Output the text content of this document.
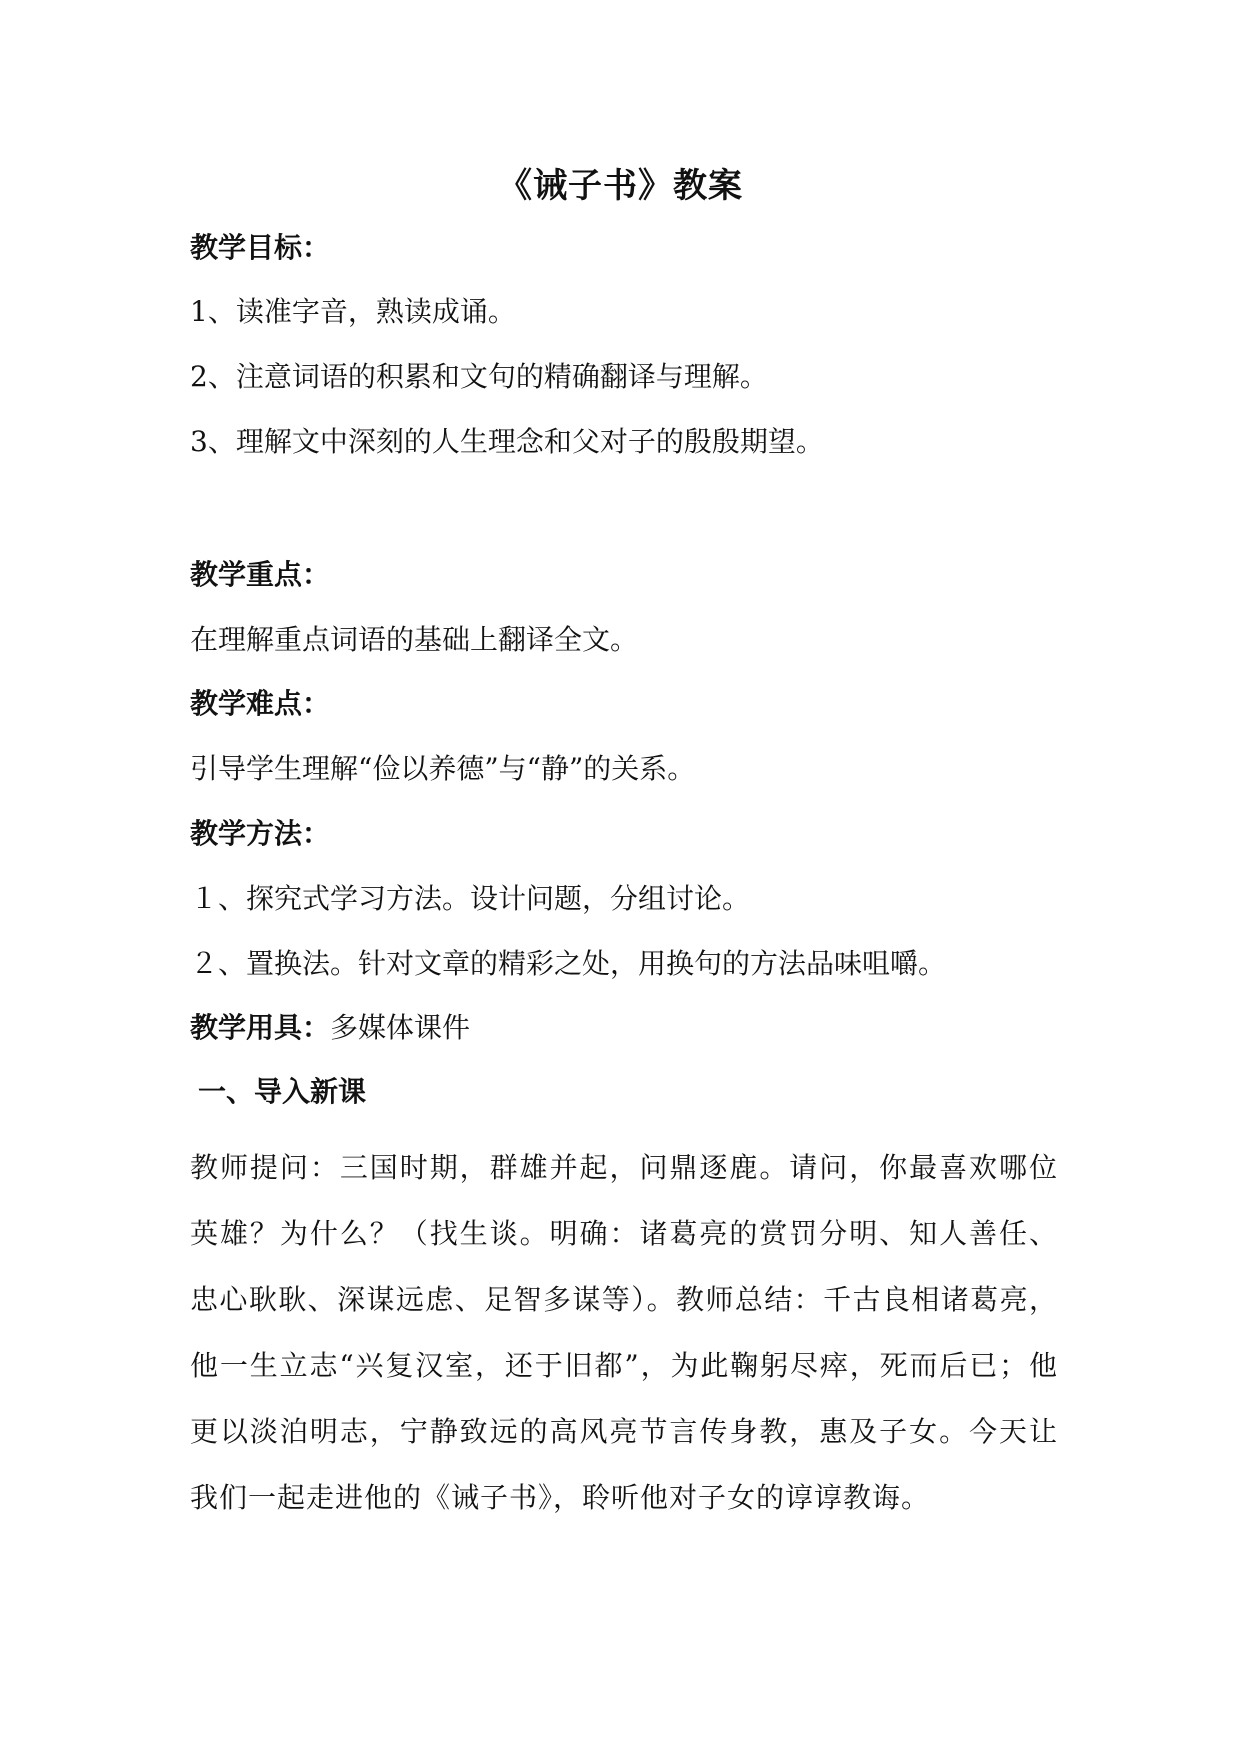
《诫子书》教案
教学目标：
1、读准字音，熟读成诵。
2、注意词语的积累和文句的精确翻译与理解。
3、理解文中深刻的人生理念和父对子的殷殷期望。
教学重点：
在理解重点词语的基础上翻译全文。
教学难点：
引导学生理解“俭以养德”与“静”的关系。
教学方法：
１、探究式学习方法。设计问题，分组讨论。
２、置换法。针对文章的精彩之处，用换句的方法品味咀嚼。
教学用具：多媒体课件
一、导入新课
教师提问：三国时期，群雄并起，问鼎逐鹿。请问，你最喜欢哪位英雄？为什么？（找生谈。明确：诸葛亮的赏罚分明、知人善任、忠心耿耿、深谋远虑、足智多谋等）。教师总结：千古良相诸葛亮，他一生立志“兴复汉室，还于旧都”，为此鞠躬尽瘁，死而后已；他更以淡泊明志，宁静致远的高风亮节言传身教，惠及子女。今天让我们一起走进他的《诫子书》，聆听他对子女的谆谆教诲。
